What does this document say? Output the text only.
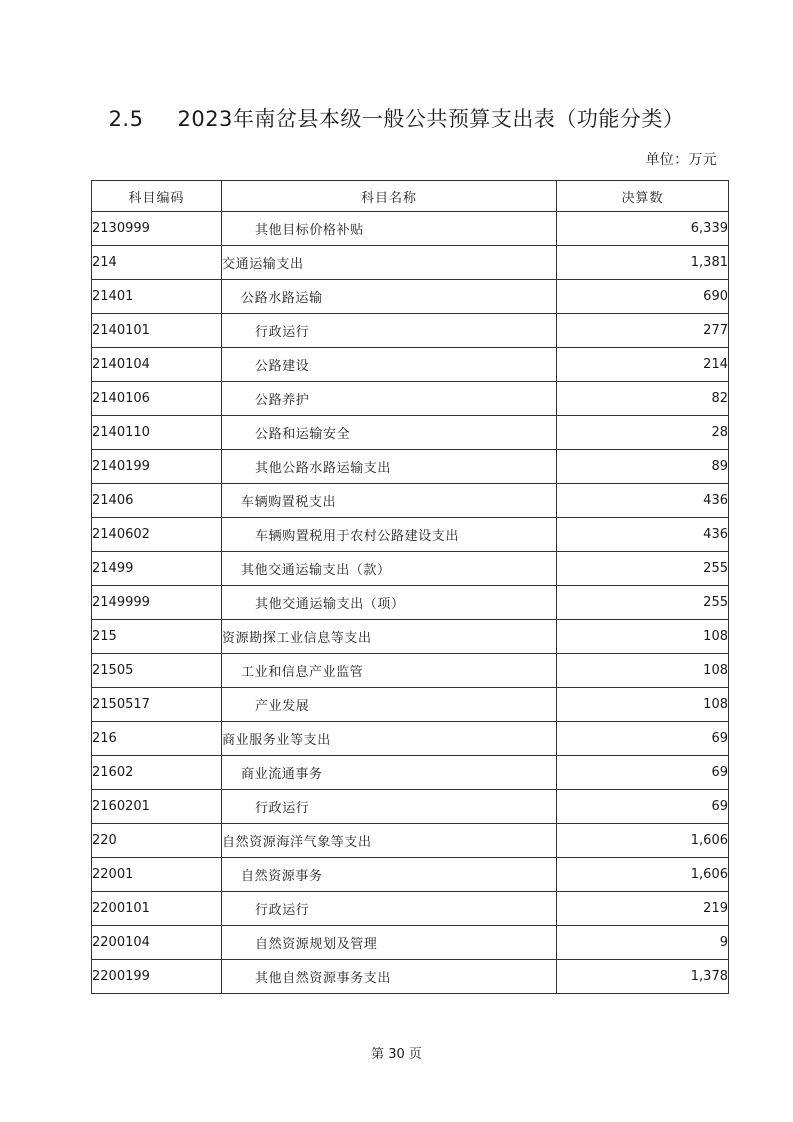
2.5 2023年南岔县本级一般公共预算支出表（功能分类）
单位：万元
科目编码	科目名称	决算数
2130999	其他目标价格补贴	6,339
214	交通运输支出	1,381
21401	公路水路运输	690
2140101	行政运行	277
2140104	公路建设	214
2140106	公路养护	82
2140110	公路和运输安全	28
2140199	其他公路水路运输支出	89
21406	车辆购置税支出	436
2140602	车辆购置税用于农村公路建设支出	436
21499	其他交通运输支出（款）	255
2149999	其他交通运输支出（项）	255
215	资源勘探工业信息等支出	108
21505	工业和信息产业监管	108
2150517	产业发展	108
216	商业服务业等支出	69
21602	商业流通事务	69
2160201	行政运行	69
220	自然资源海洋气象等支出	1,606
22001	自然资源事务	1,606
2200101	行政运行	219
2200104	自然资源规划及管理	9
2200199	其他自然资源事务支出	1,378
第 30 页
